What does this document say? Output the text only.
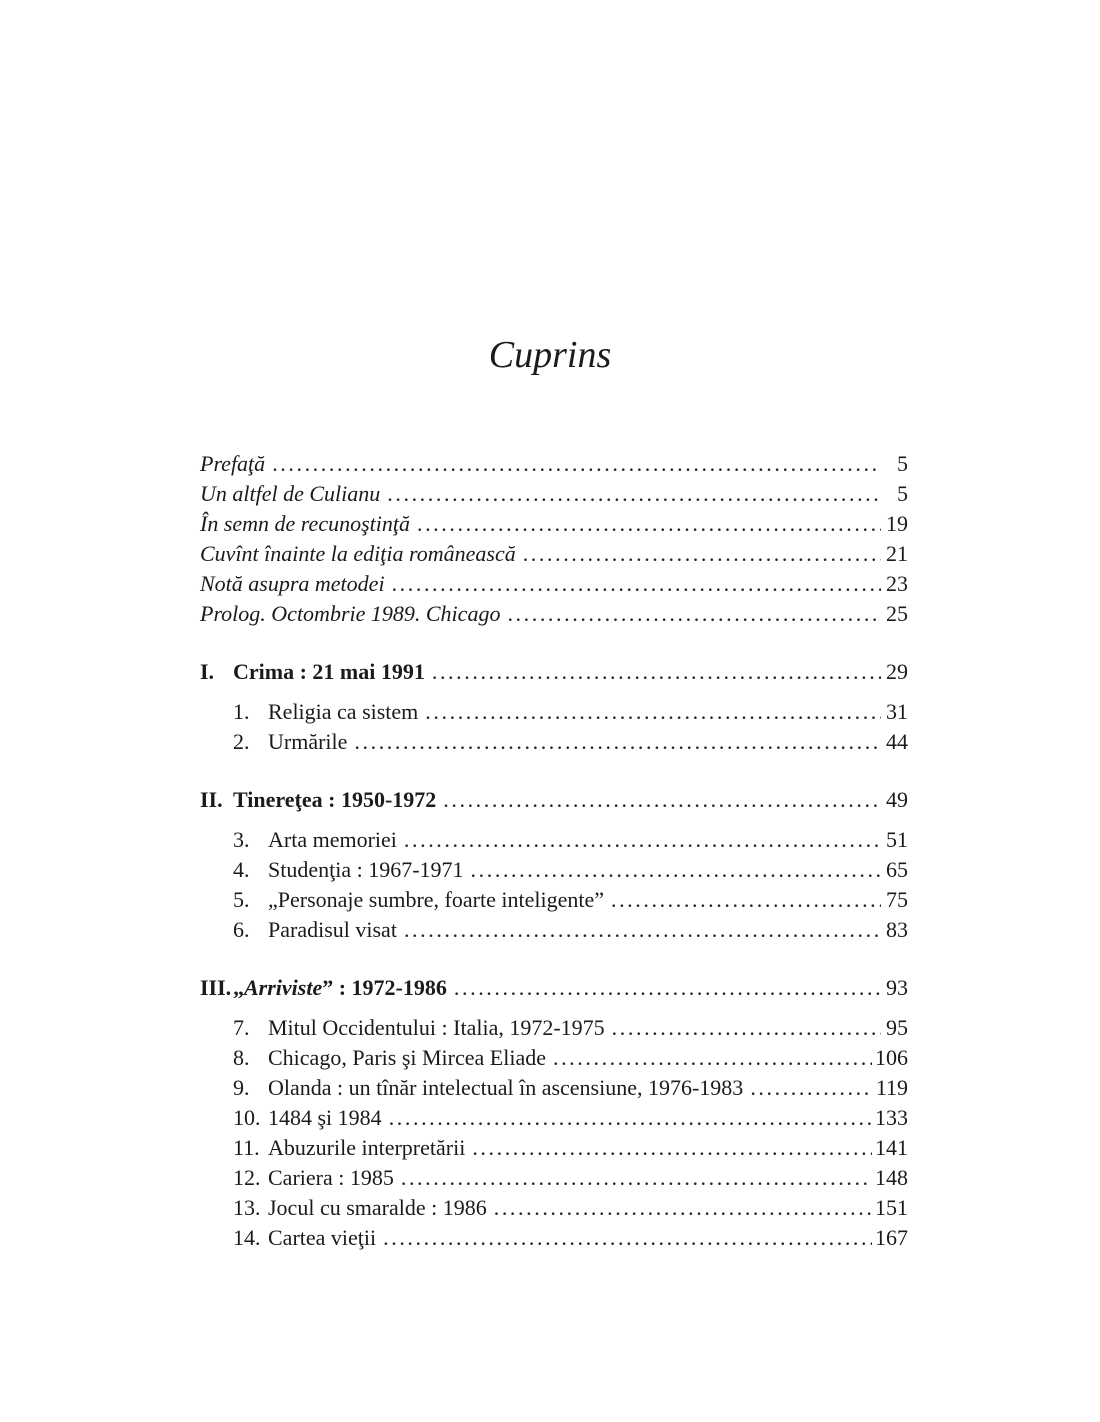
Cuprins
Prefaţă .....	5
Un altfel de Culianu .....	5
În semn de recunoştinţă .....	19
Cuvînt înainte la ediţia românească .....	21
Notă asupra metodei .....	23
Prolog. Octombrie 1989. Chicago .....	25
I. Crima : 21 mai 1991 .....	29
1. Religia ca sistem .....	31
2. Urmările .....	44
II. Tinereţea : 1950-1972 .....	49
3. Arta memoriei .....	51
4. Studenţia : 1967-1971 .....	65
5. „Personaje sumbre, foarte inteligente” .....	75
6. Paradisul visat .....	83
III. „Arriviste” : 1972-1986 .....	93
7. Mitul Occidentului : Italia, 1972-1975 .....	95
8. Chicago, Paris şi Mircea Eliade .....	106
9. Olanda : un tînăr intelectual în ascensiune, 1976-1983 .....	119
10. 1484 şi 1984 .....	133
11. Abuzurile interpretării .....	141
12. Cariera : 1985 .....	148
13. Jocul cu smaralde : 1986 .....	151
14. Cartea vieţii .....	167
